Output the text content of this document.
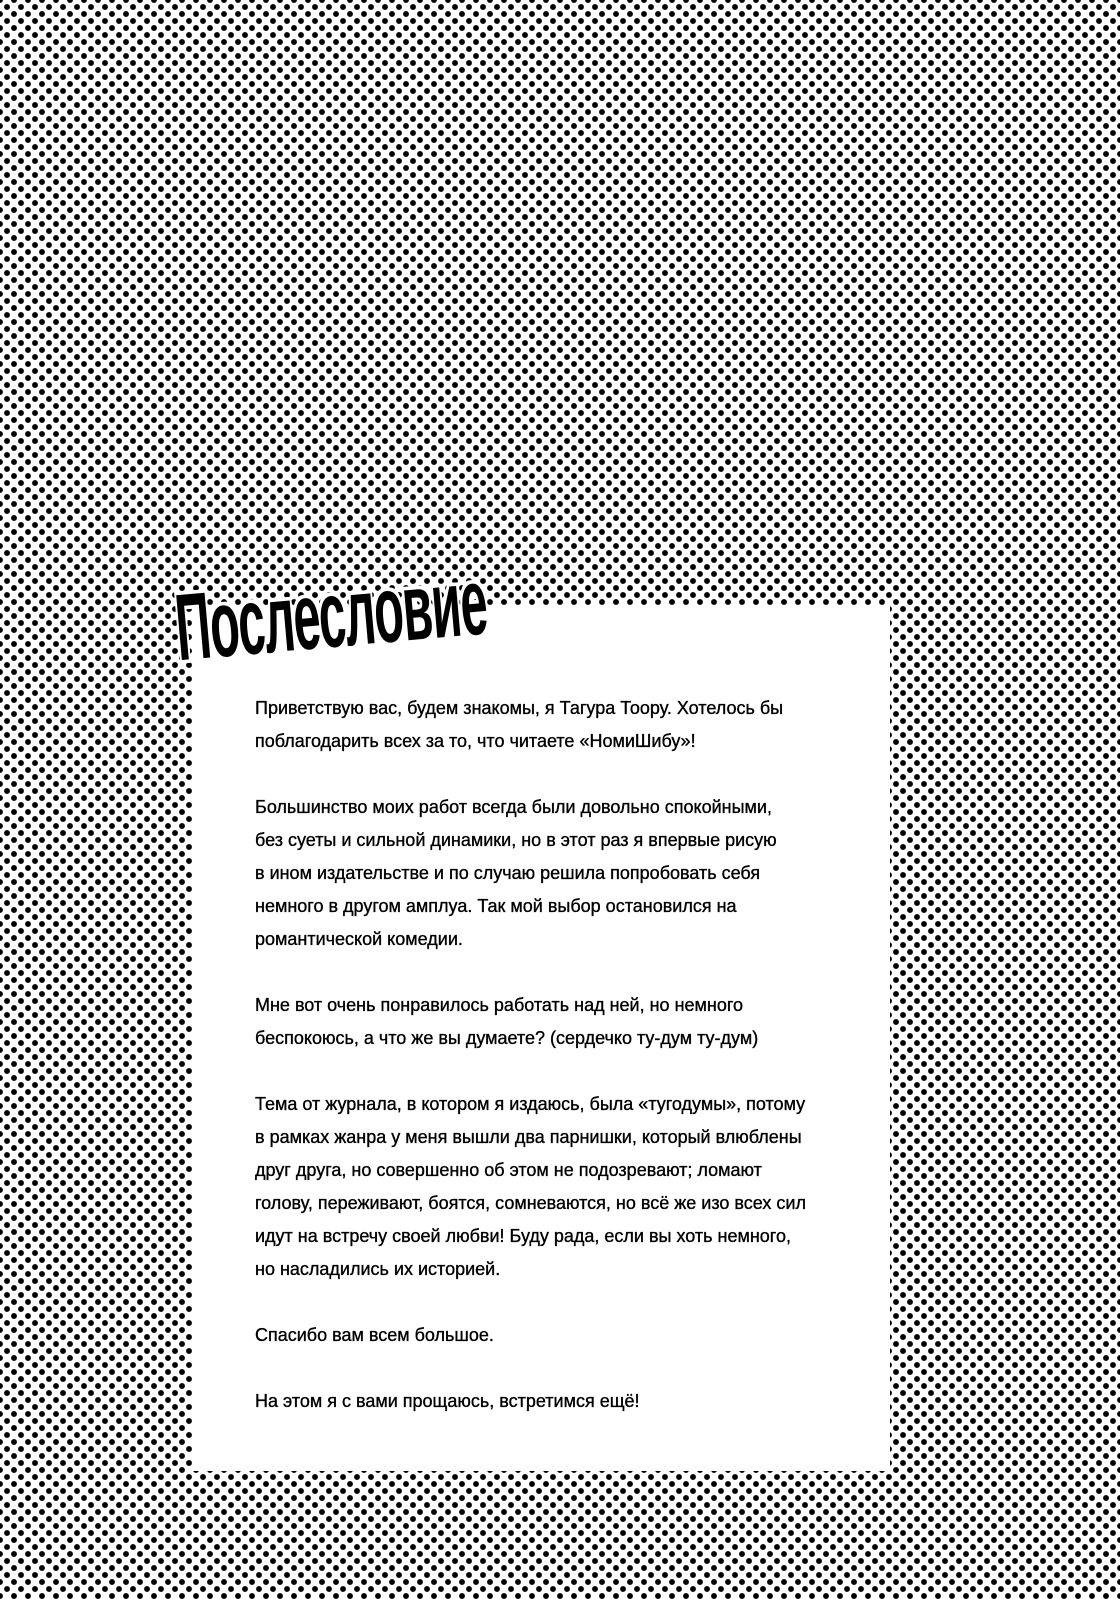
Послесловие
Приветствую вас, будем знакомы, я Тагура Тоору. Хотелось бы
поблагодарить всех за то, что читаете «НомиШибу»!
Большинство моих работ всегда были довольно спокойными,
без суеты и сильной динамики, но в этот раз я впервые рисую
в ином издательстве и по случаю решила попробовать себя
немного в другом амплуа. Так мой выбор остановился на
романтической комедии.
Мне вот очень понравилось работать над ней, но немного
беспокоюсь, а что же вы думаете? (сердечко ту-дум ту-дум)
Тема от журнала, в котором я издаюсь, была «тугодумы», потому
в рамках жанра у меня вышли два парнишки, который влюблены
друг друга, но совершенно об этом не подозревают; ломают
голову, переживают, боятся, сомневаются, но всё же изо всех сил
идут на встречу своей любви! Буду рада, если вы хоть немного,
но насладились их историей.
Спасибо вам всем большое.
На этом я с вами прощаюсь, встретимся ещё!
